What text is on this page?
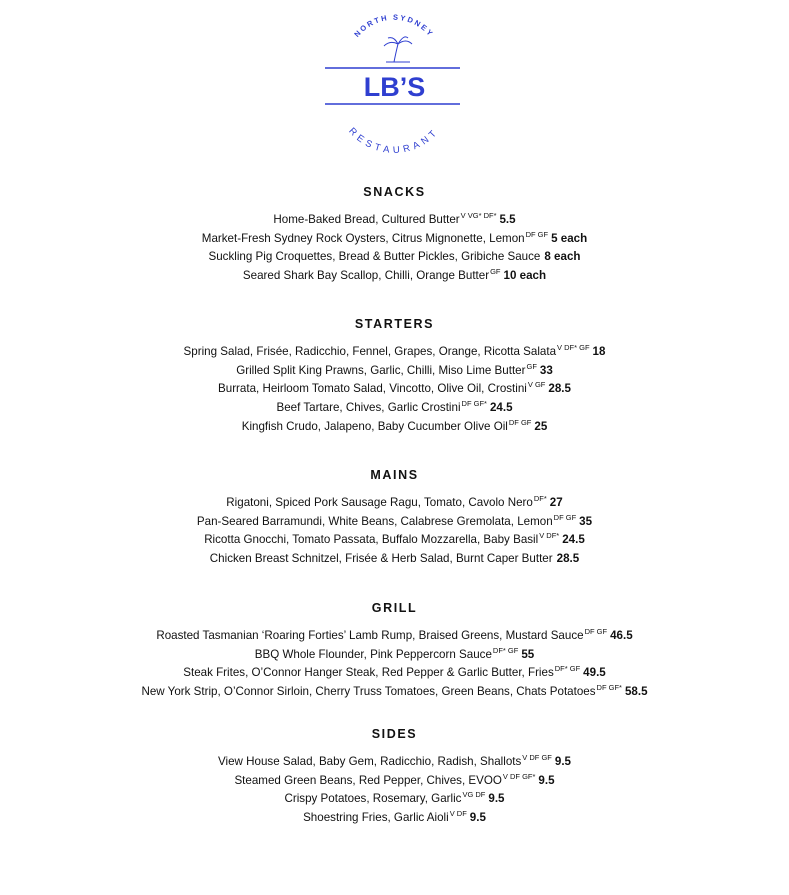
NORTH SYDNEY
RESTAURANT
LB’S
SNACKS
Home-Baked Bread, Cultured Butter$^{V VG* DF*}$ 5.5
Market-Fresh Sydney Rock Oysters, Citrus Mignonette, Lemon$^{DF GF}$ 5 each
Suckling Pig Croquettes, Bread & Butter Pickles, Gribiche Sauce 8 each
Seared Shark Bay Scallop, Chilli, Orange Butter$^{GF}$ 10 each
STARTERS
Spring Salad, Frisée, Radicchio, Fennel, Grapes, Orange, Ricotta Salata$^{V DF* GF}$ 18
Grilled Split King Prawns, Garlic, Chilli, Miso Lime Butter$^{GF}$ 33
Burrata, Heirloom Tomato Salad, Vincotto, Olive Oil, Crostini$^{V GF}$ 28.5
Beef Tartare, Chives, Garlic Crostini$^{DF GF*}$ 24.5
Kingfish Crudo, Jalapeno, Baby Cucumber Olive Oil$^{DF GF}$ 25
MAINS
Rigatoni, Spiced Pork Sausage Ragu, Tomato, Cavolo Nero$^{DF*}$ 27
Pan-Seared Barramundi, White Beans, Calabrese Gremolata, Lemon$^{DF GF}$ 35
Ricotta Gnocchi, Tomato Passata, Buffalo Mozzarella, Baby Basil$^{V DF*}$ 24.5
Chicken Breast Schnitzel, Frisée & Herb Salad, Burnt Caper Butter 28.5
GRILL
Roasted Tasmanian ‘Roaring Forties’ Lamb Rump, Braised Greens, Mustard Sauce$^{DF GF}$ 46.5
BBQ Whole Flounder, Pink Peppercorn Sauce$^{DF* GF}$ 55
Steak Frites, O’Connor Hanger Steak, Red Pepper & Garlic Butter, Fries$^{DF* GF}$ 49.5
New York Strip, O’Connor Sirloin, Cherry Truss Tomatoes, Green Beans, Chats Potatoes$^{DF GF*}$ 58.5
SIDES
View House Salad, Baby Gem, Radicchio, Radish, Shallots$^{V DF GF}$ 9.5
Steamed Green Beans, Red Pepper, Chives, $EVOO^{V DF GF*}$ 9.5
Crispy Potatoes, Rosemary, Garlic$^{VG DF}$ 9.5
Shoestring Fries, Garlic Aioli$^{V DF}$ 9.5
